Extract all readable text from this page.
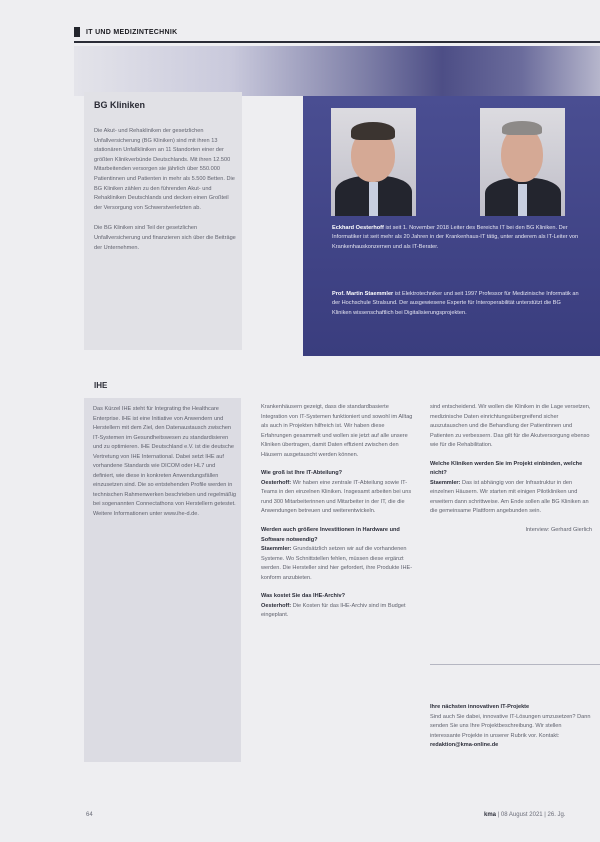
IT UND MEDIZINTECHNIK
BG Kliniken

Die Akut- und Rehakliniken der gesetzlichen Unfallversicherung (BG Kliniken) sind mit ihren 13 stationären Unfallkliniken an 11 Standorten einer der größten Klinikverbünde Deutschlands. Mit ihren 12.500 Mitarbeitenden versorgen sie jährlich über 550.000 Patientinnen und Patienten in mehr als 5.500 Betten. Die BG Kliniken zählen zu den führenden Akut- und Rehakliniken Deutschlands und decken einen Großteil der Versorgung von Schwerstverletzten ab.

Die BG Kliniken sind Teil der gesetzlichen Unfallversicherung und finanzieren sich über die Beiträge der Unternehmen.

Eckhard Oesterhoff ist seit 1. November 2018 Leiter des Bereichs IT bei den BG Kliniken. Der Informatiker ist seit mehr als 20 Jahren in der Krankenhaus-IT tätig, unter anderem als IT-Leiter von Krankenhauskonzernen und als IT-Berater.
Prof. Martin Staemmler ist Elektrotechniker und seit 1997 Professor für Medizinische Informatik an der Hochschule Stralsund. Der ausgewiesene Experte für Interoperabilität unterstützt die BG Kliniken wissenschaftlich bei Digitalisierungsprojekten.
IHE

Das Kürzel IHE steht für Integrating the Healthcare Enterprise. IHE ist eine Initiative von Anwendern und Herstellern mit dem Ziel, den Datenaustausch zwischen IT-Systemen im Gesundheitswesen zu standardisieren und zu optimieren. IHE Deutschland e.V. ist die deutsche Vertretung von IHE International. Dabei setzt IHE auf vorhandene Standards wie DICOM oder HL7 und definiert, wie diese in konkreten Anwendungsfällen einzusetzen sind. Die so entstehenden Profile werden in technischen Rahmenwerken beschrieben und regelmäßig bei sogenannten Connectathons von Herstellern getestet. Weitere Informationen unter www.ihe-d.de.

Krankenhäusern gezeigt, dass die standardbasierte Integration von IT-Systemen funktioniert und sowohl im Alltag als auch in Projekten hilfreich ist. Wir haben diese Erfahrungen gesammelt und wollen sie jetzt auf alle unsere Kliniken übertragen, damit Daten effizient zwischen den Häusern ausgetauscht werden können.

Wie groß ist Ihre IT-Abteilung?

Oesterhoff: Wir haben eine zentrale IT-Abteilung sowie IT-Teams in den einzelnen Kliniken. Insgesamt arbeiten bei uns rund 300 Mitarbeiterinnen und Mitarbeiter in der IT, die die Anwendungen betreuen und weiterentwickeln.

Werden auch größere Investitionen in Hardware und Software notwendig?

Staemmler: Grundsätzlich setzen wir auf die vorhandenen Systeme. Wo Schnittstellen fehlen, müssen diese ergänzt werden. Die Hersteller sind hier gefordert, ihre Produkte IHE-konform anzubieten.

Was kostet Sie das IHE-Archiv?

Oesterhoff: Die Kosten für das IHE-Archiv sind im Budget eingeplant.

sind entscheidend. Wir wollen die Kliniken in die Lage versetzen, medizinische Daten einrichtungsübergreifend sicher auszutauschen und die Behandlung der Patientinnen und Patienten zu verbessern. Das gilt für die Akutversorgung ebenso wie für die Rehabilitation.

Welche Kliniken werden Sie im Projekt einbinden, welche nicht?

Staemmler: Das ist abhängig von der Infrastruktur in den einzelnen Häusern. Wir starten mit einigen Pilotkliniken und erweitern dann schrittweise. Am Ende sollen alle BG Kliniken an die gemeinsame Plattform angebunden sein.

Interview: Gerhard Gierlich
Ihre nächsten innovativen IT-Projekte
Sind auch Sie dabei, innovative IT-Lösungen umzusetzen? Dann senden Sie uns Ihre Projektbeschreibung. Wir stellen interessante Projekte in unserer Rubrik vor. Kontakt: redaktion@kma-online.de
64	kma | 08 August 2021 | 26. Jg.
